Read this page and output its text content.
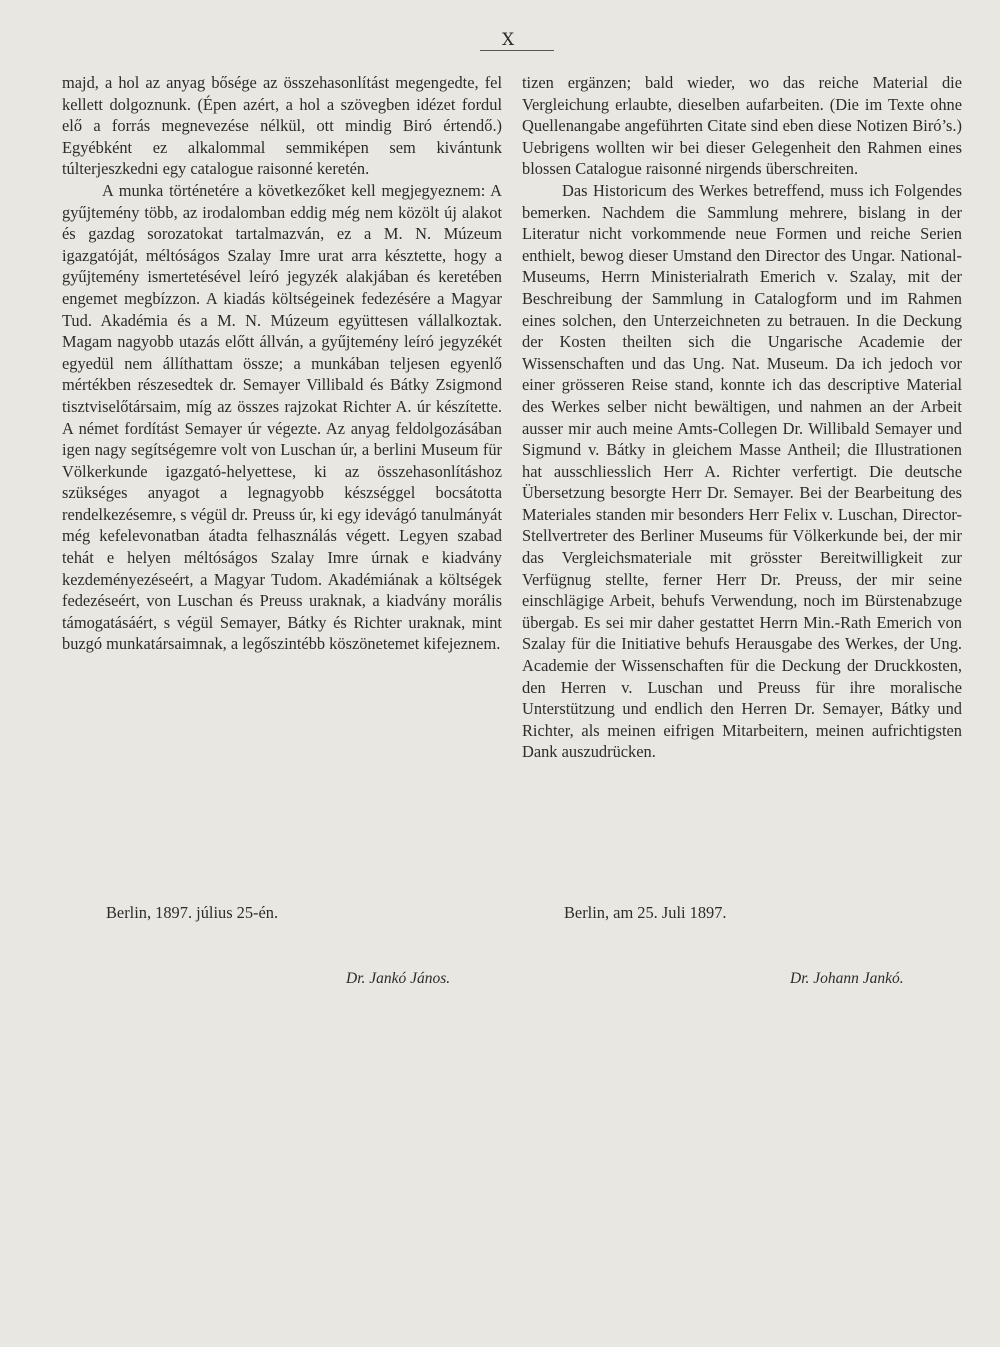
X

majd, a hol az anyag bősége az összehasonlítást megengedte, fel kellett dolgoznunk. (Épen azért, a hol a szövegben idézet fordul elő a forrás megnevezése nélkül, ott mindig Biró értendő.) Egyébként ez alkalommal semmiképen sem kivántunk túlterjeszkedni egy catalogue raisonné keretén.

A munka történetére a következőket kell megjegyeznem: A gyűjtemény több, az irodalomban eddig még nem közölt új alakot és gazdag sorozatokat tartalmazván, ez a M. N. Múzeum igazgatóját, méltóságos Szalay Imre urat arra késztette, hogy a gyűjtemény ismertetésével leíró jegyzék alakjában és keretében engemet megbízzon. A kiadás költségeinek fedezésére a Magyar Tud. Akadémia és a M. N. Múzeum együttesen vállalkoztak. Magam nagyobb utazás előtt állván, a gyűjtemény leíró jegyzékét egyedül nem állíthattam össze; a munkában teljesen egyenlő mértékben részesedtek dr. Semayer Villibald és Bátky Zsigmond tisztviselőtársaim, míg az összes rajzokat Richter A. úr készítette. A német fordítást Semayer úr végezte. Az anyag feldolgozásában igen nagy segítségemre volt von Luschan úr, a berlini Museum für Völkerkunde igazgató-helyettese, ki az összehasonlításhoz szükséges anyagot a legnagyobb készséggel bocsátotta rendelkezésemre, s végül dr. Preuss úr, ki egy idevágó tanulmányát még kefelevonatban átadta felhasználás végett. Legyen szabad tehát e helyen méltóságos Szalay Imre úrnak e kiadvány kezdeményezéseért, a Magyar Tudom. Akadémiának a költségek fedezéseért, von Luschan és Preuss uraknak, a kiadvány morális támogatásáért, s végül Semayer, Bátky és Richter uraknak, mint buzgó munkatársaimnak, a legőszintébb köszönetemet kifejeznem.

tizen ergänzen; bald wieder, wo das reiche Material die Vergleichung erlaubte, dieselben aufarbeiten. (Die im Texte ohne Quellenangabe angeführten Citate sind eben diese Notizen Biró’s.) Uebrigens wollten wir bei dieser Gelegenheit den Rahmen eines blossen Catalogue raisonné nirgends überschreiten.

Das Historicum des Werkes betreffend, muss ich Folgendes bemerken. Nachdem die Sammlung mehrere, bislang in der Literatur nicht vorkommende neue Formen und reiche Serien enthielt, bewog dieser Umstand den Director des Ungar. National-Museums, Herrn Ministerialrath Emerich v. Szalay, mit der Beschreibung der Sammlung in Catalogform und im Rahmen eines solchen, den Unterzeichneten zu betrauen. In die Deckung der Kosten theilten sich die Ungarische Academie der Wissenschaften und das Ung. Nat. Museum. Da ich jedoch vor einer grösseren Reise stand, konnte ich das descriptive Material des Werkes selber nicht bewältigen, und nahmen an der Arbeit ausser mir auch meine Amts-Collegen Dr. Willibald Semayer und Sigmund v. Bátky in gleichem Masse Antheil; die Illustrationen hat ausschliesslich Herr A. Richter verfertigt. Die deutsche Übersetzung besorgte Herr Dr. Semayer. Bei der Bearbeitung des Materiales standen mir besonders Herr Felix v. Luschan, Director-Stellvertreter des Berliner Museums für Völkerkunde bei, der mir das Vergleichsmateriale mit grösster Bereitwilligkeit zur Verfügnug stellte, ferner Herr Dr. Preuss, der mir seine einschlägige Arbeit, behufs Verwendung, noch im Bürstenabzuge übergab. Es sei mir daher gestattet Herrn Min.-Rath Emerich von Szalay für die Initiative behufs Herausgabe des Werkes, der Ung. Academie der Wissenschaften für die Deckung der Druckkosten, den Herren v. Luschan und Preuss für ihre moralische Unterstützung und endlich den Herren Dr. Semayer, Bátky und Richter, als meinen eifrigen Mitarbeitern, meinen aufrichtigsten Dank auszudrücken.

Berlin, 1897. július 25-én.	Berlin, am 25. Juli 1897.
Dr. Jankó János.	Dr. Johann Jankó.
